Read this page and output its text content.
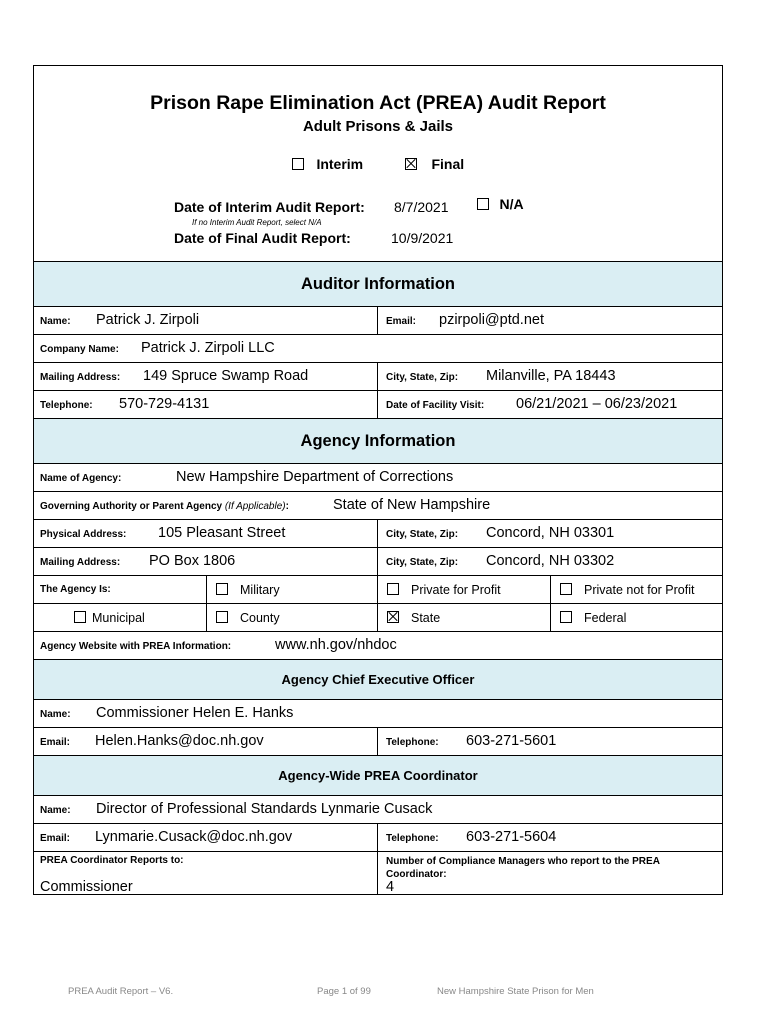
Prison Rape Elimination Act (PREA) Audit Report
Adult Prisons & Jails
Interim	Final
Date of Interim Audit Report: 8/7/2021	N/A
If no Interim Audit Report, select N/A
Date of Final Audit Report:	10/9/2021
Auditor Information
Name: Patrick J. Zirpoli	Email: pzirpoli@ptd.net
Company Name: Patrick J. Zirpoli LLC
Mailing Address: 149 Spruce Swamp Road	City, State, Zip: Milanville, PA 18443
Telephone: 570-729-4131	Date of Facility Visit: 06/21/2021 – 06/23/2021
Agency Information
Name of Agency:	New Hampshire Department of Corrections
Governing Authority or Parent Agency (If Applicable):	State of New Hampshire
Physical Address: 105 Pleasant Street	City, State, Zip: Concord, NH 03301
Mailing Address: PO Box 1806	City, State, Zip: Concord, NH 03302
The Agency Is:	Military	Private for Profit	Private not for Profit
Municipal	County	State	Federal
Agency Website with PREA Information:	www.nh.gov/nhdoc
Agency Chief Executive Officer
Name: Commissioner Helen E. Hanks
Email: Helen.Hanks@doc.nh.gov	Telephone: 603-271-5601
Agency-Wide PREA Coordinator
Name: Director of Professional Standards Lynmarie Cusack
Email: Lynmarie.Cusack@doc.nh.gov	Telephone: 603-271-5604
PREA Coordinator Reports to:
Commissioner
Number of Compliance Managers who report to the PREA Coordinator:
4
PREA Audit Report – V6.	Page 1 of 99	New Hampshire State Prison for Men
